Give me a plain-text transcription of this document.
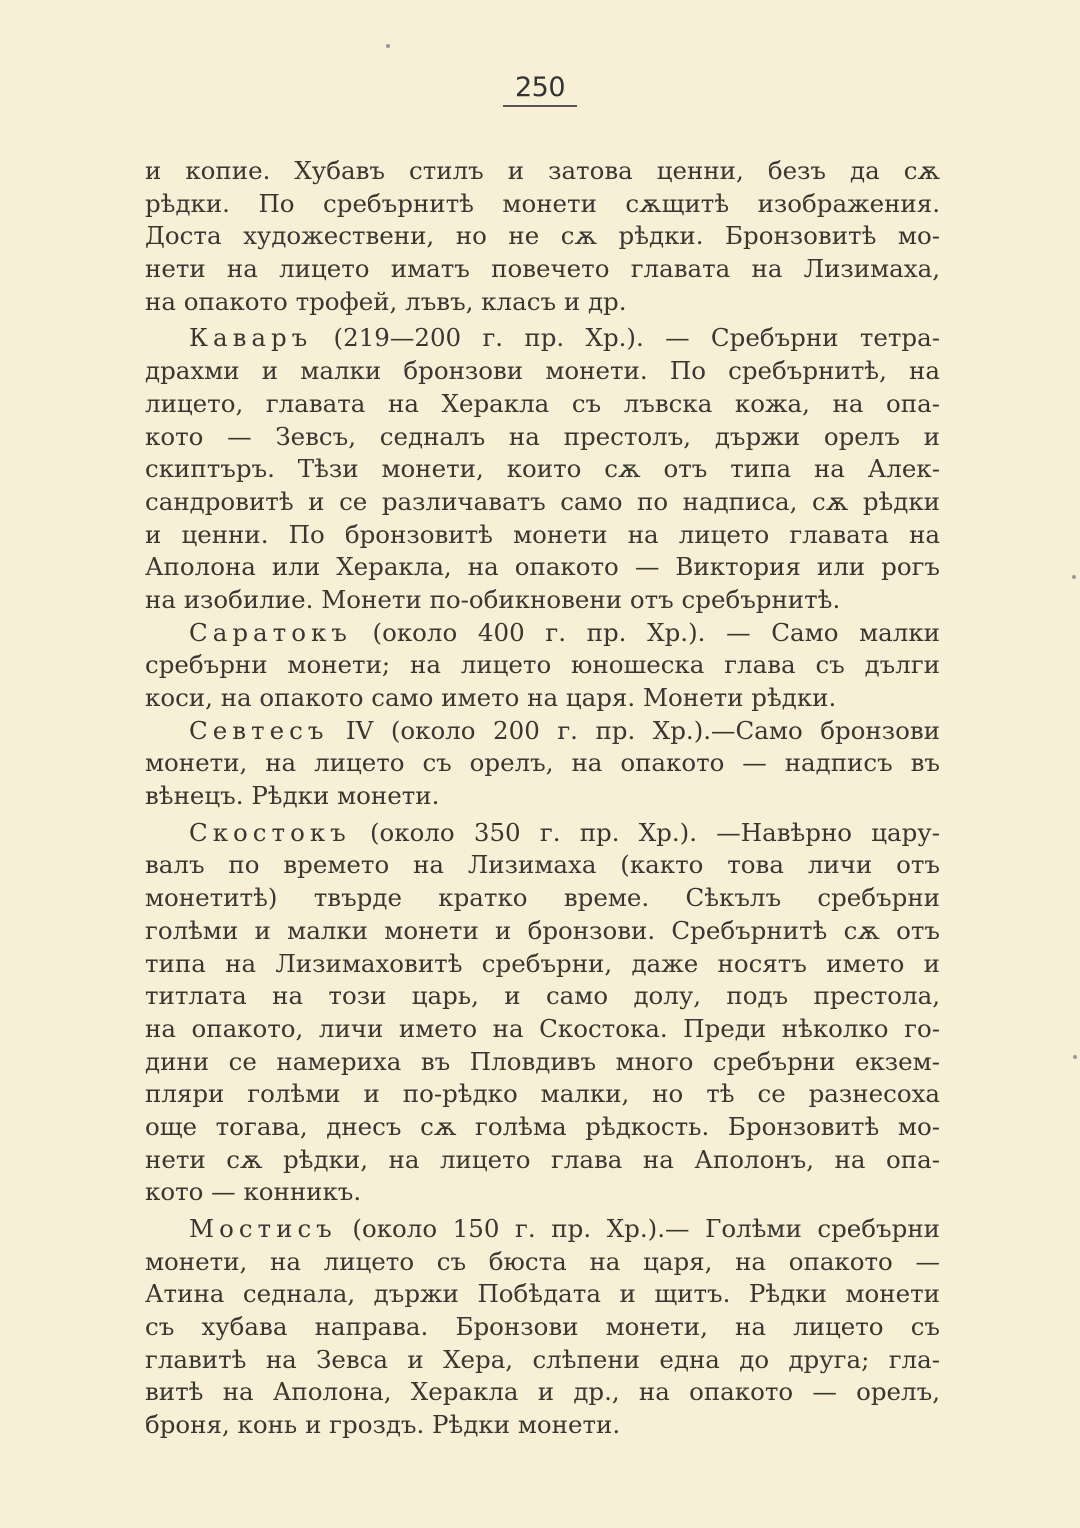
250
и копие. Хубавъ стилъ и затова ценни, безъ да сѫ
рѣдки. По сребърнитѣ монети сѫщитѣ изображения.
Доста художествени, но не сѫ рѣдки. Бронзовитѣ мо-
нети на лицето иматъ повечето главата на Лизимаха,
на опакото трофей, лъвъ, класъ и др.
Каваръ (219—200 г. пр. Хр.). — Сребърни тетра-
драхми и малки бронзови монети. По сребърнитѣ, на
лицето, главата на Херакла съ лъвска кожа, на опа-
кото — Зевсъ, седналъ на престолъ, държи орелъ и
скиптъръ. Тѣзи монети, които сѫ отъ типа на Алек-
сандровитѣ и се различаватъ само по надписа, сѫ рѣдки
и ценни. По бронзовитѣ монети на лицето главата на
Аполона или Херакла, на опакото — Виктория или рогъ
на изобилие. Монети по-обикновени отъ сребърнитѣ.
Саратокъ (около 400 г. пр. Хр.). — Само малки
сребърни монети; на лицето юношеска глава съ дълги
коси, на опакото само името на царя. Монети рѣдки.
Севтесъ IV (около 200 г. пр. Хр.).—Само бронзови
монети, на лицето съ орелъ, на опакото — надписъ въ
вѣнецъ. Рѣдки монети.
Скостокъ (около 350 г. пр. Хр.). —Навѣрно цару-
валъ по времето на Лизимаха (както това личи отъ
монетитѣ) твърде кратко време. Сѣкълъ сребърни
голѣми и малки монети и бронзови. Сребърнитѣ сѫ отъ
типа на Лизимаховитѣ сребърни, даже носятъ името и
титлата на този царь, и само долу, подъ престола,
на опакото, личи името на Скостока. Преди нѣколко го-
дини се намериха въ Пловдивъ много сребърни екзем-
пляри голѣми и по-рѣдко малки, но тѣ се разнесоха
още тогава, днесъ сѫ голѣма рѣдкость. Бронзовитѣ мо-
нети сѫ рѣдки, на лицето глава на Аполонъ, на опа-
кото — конникъ.
Мостисъ (около 150 г. пр. Хр.).— Голѣми сребърни
монети, на лицето съ бюста на царя, на опакото —
Атина седнала, държи Побѣдата и щитъ. Рѣдки монети
съ хубава направа. Бронзови монети, на лицето съ
главитѣ на Зевса и Хера, слѣпени една до друга; гла-
витѣ на Аполона, Херакла и др., на опакото — орелъ,
броня, конь и гроздъ. Рѣдки монети.
